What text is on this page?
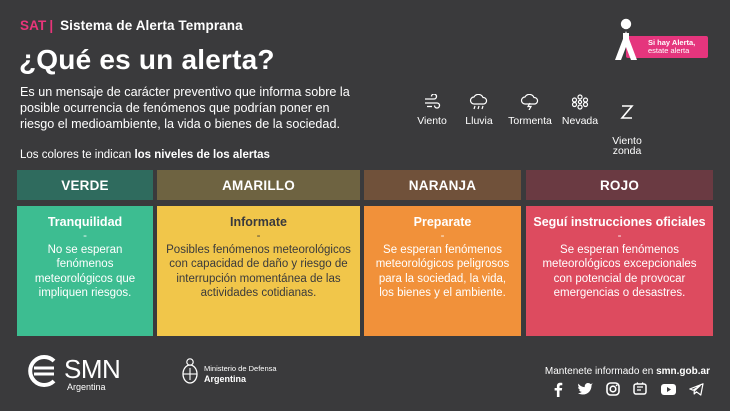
SAT | Sistema de Alerta Temprana
¿Qué es un alerta?
Es un mensaje de carácter preventivo que informa sobre la posible ocurrencia de fenómenos que podrían poner en riesgo el medioambiente, la vida o bienes de la sociedad.
Si hay Alerta,
estate alerta
Viento	Lluvia	Tormenta Nevada

Viento
zonda

Los colores te indican los niveles de los alertas
VERDE
Tranquilidad
-
No se esperan fenómenos meteorológicos que impliquen riesgos.
AMARILLO
Informate
-
Posibles fenómenos meteorológicos con capacidad de daño y riesgo de interrupción momentánea de las actividades cotidianas.
NARANJA
Preparate
-
Se esperan fenómenos meteorológicos peligrosos para la sociedad, la vida, los bienes y el ambiente.
ROJO
Seguí instrucciones oficiales
-
Se esperan fenómenos meteorológicos excepcionales con potencial de provocar emergencias o desastres.
SMN
Argentina
Ministerio de Defensa
Argentina
Mantenete informado en smn.gob.ar
